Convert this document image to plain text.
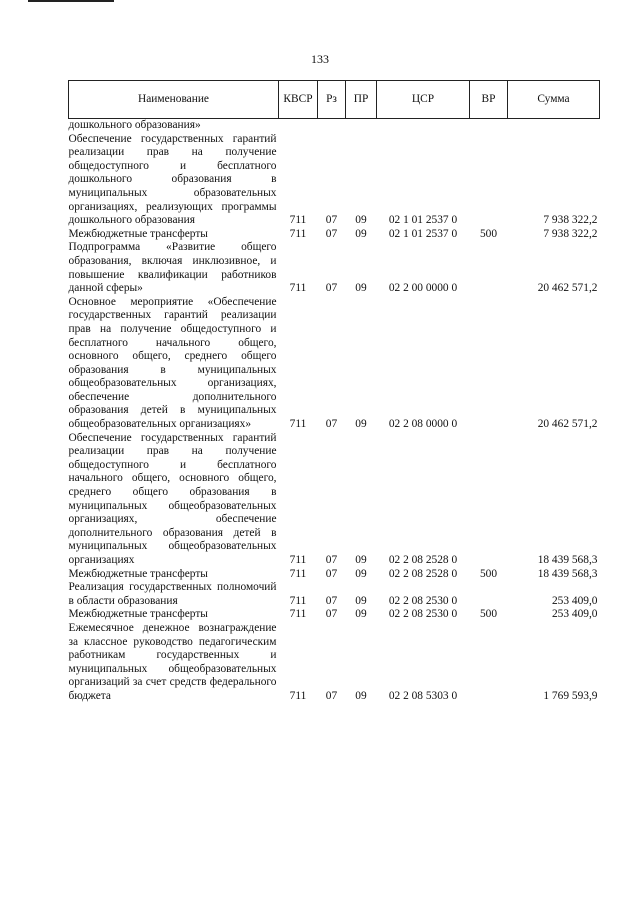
133
Наименование	КВСР	Рз	ПР	ЦСР	ВР	Сумма
дошкольного образования»						
Обеспечение государственных гарантий реализации прав на получение общедоступного и бесплатного дошкольного образования в муниципальных образовательных организациях, реализующих программы дошкольного образования	711	07	09	02 1 01 2537 0		7 938 322,2
Межбюджетные трансферты	711	07	09	02 1 01 2537 0	500	7 938 322,2
Подпрограмма «Развитие общего образования, включая инклюзивное, и повышение квалификации работников данной сферы»	711	07	09	02 2 00 0000 0		20 462 571,2
Основное мероприятие «Обеспечение государственных гарантий реализации прав на получение общедоступного и бесплатного начального общего, основного общего, среднего общего образования в муниципальных общеобразовательных организациях, обеспечение дополнительного образования детей в муниципальных общеобразовательных организациях»	711	07	09	02 2 08 0000 0		20 462 571,2
Обеспечение государственных гарантий реализации прав на получение общедоступного и бесплатного начального общего, основного общего, среднего общего образования в муниципальных общеобразовательных организациях, обеспечение дополнительного образования детей в муниципальных общеобразовательных организациях	711	07	09	02 2 08 2528 0		18 439 568,3
Межбюджетные трансферты	711	07	09	02 2 08 2528 0	500	18 439 568,3
Реализация государственных полномочий в области образования	711	07	09	02 2 08 2530 0		253 409,0
Межбюджетные трансферты	711	07	09	02 2 08 2530 0	500	253 409,0
Ежемесячное денежное вознаграждение за классное руководство педагогическим работникам государственных и муниципальных общеобразовательных организаций за счет средств федерального бюджета	711	07	09	02 2 08 5303 0		1 769 593,9
